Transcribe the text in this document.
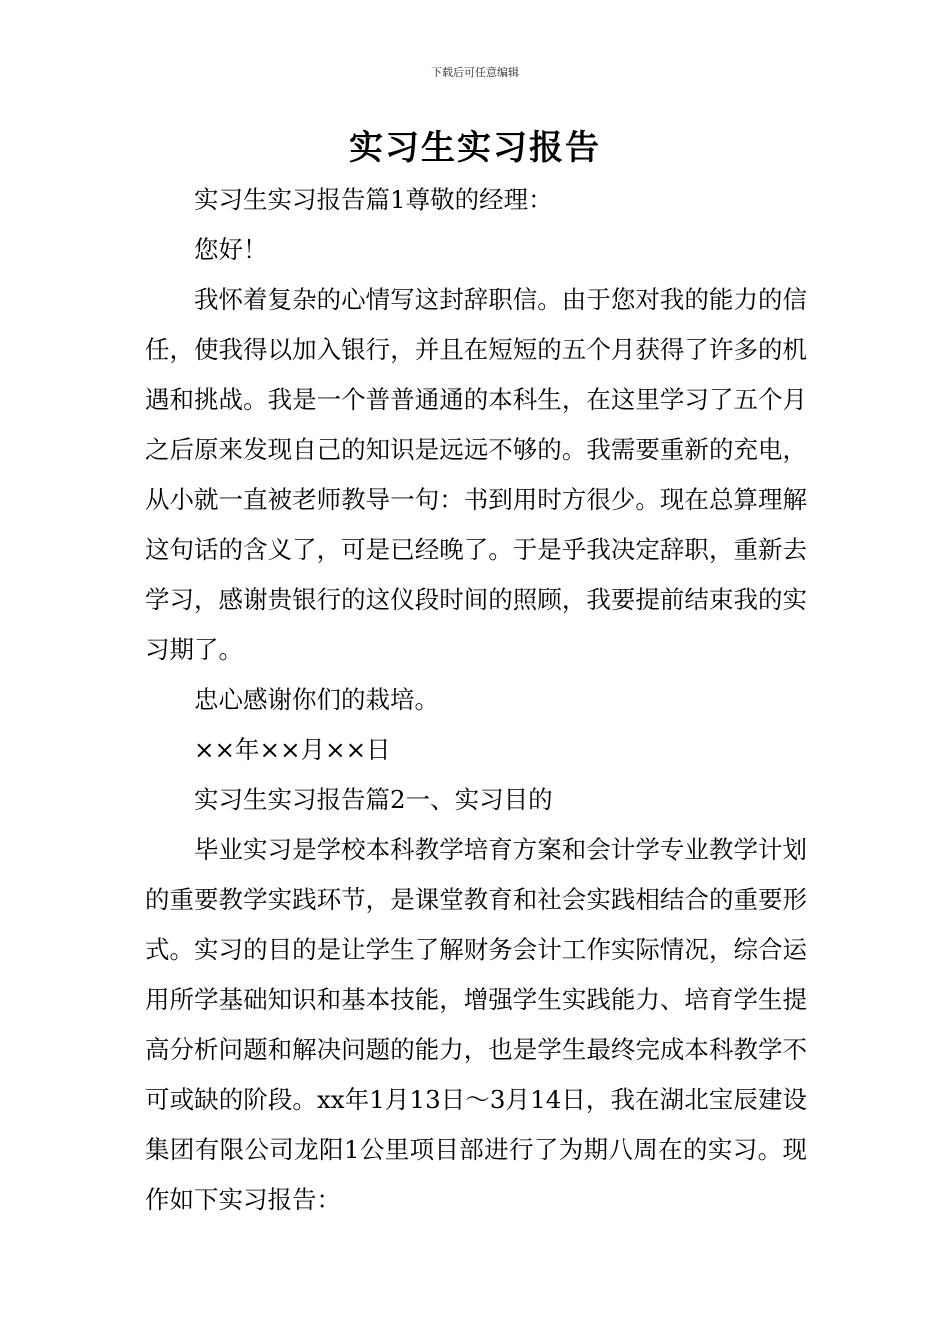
下载后可任意编辑
实习生实习报告

实习生实习报告篇1尊敬的经理：

您好！

我怀着复杂的心情写这封辞职信。由于您对我的能力的信任，使我得以加入银行，并且在短短的五个月获得了许多的机遇和挑战。我是一个普普通通的本科生，在这里学习了五个月之后原来发现自己的知识是远远不够的。我需要重新的充电，从小就一直被老师教导一句：书到用时方很少。现在总算理解这句话的含义了，可是已经晚了。于是乎我决定辞职，重新去学习，感谢贵银行的这仪段时间的照顾，我要提前结束我的实习期了。

忠心感谢你们的栽培。

××年××月××日

实习生实习报告篇2一、实习目的

毕业实习是学校本科教学培育方案和会计学专业教学计划的重要教学实践环节，是课堂教育和社会实践相结合的重要形式。实习的目的是让学生了解财务会计工作实际情况，综合运用所学基础知识和基本技能，增强学生实践能力、培育学生提高分析问题和解决问题的能力，也是学生最终完成本科教学不可或缺的阶段。xx年1月13日～3月14日，我在湖北宝辰建设集团有限公司龙阳1公里项目部进行了为期八周在的实习。现作如下实习报告：
